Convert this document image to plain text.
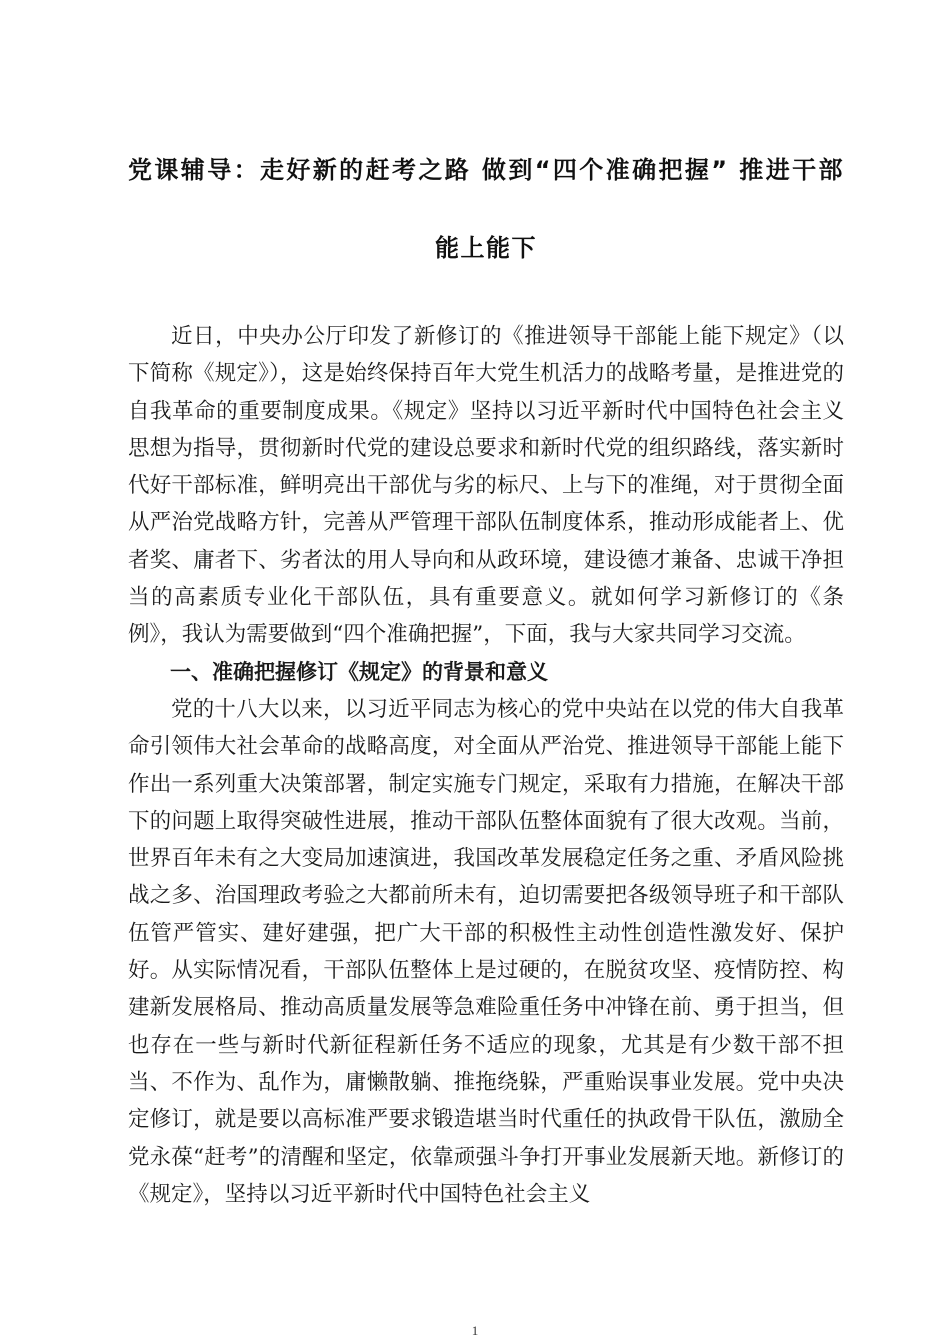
党课辅导：走好新的赶考之路 做到“四个准确把握” 推进干部
能上能下

近日，中央办公厅印发了新修订的《推进领导干部能上能下规定》（以下简称《规定》），这是始终保持百年大党生机活力的战略考量，是推进党的自我革命的重要制度成果。《规定》坚持以习近平新时代中国特色社会主义思想为指导，贯彻新时代党的建设总要求和新时代党的组织路线，落实新时代好干部标准，鲜明亮出干部优与劣的标尺、上与下的准绳，对于贯彻全面从严治党战略方针，完善从严管理干部队伍制度体系，推动形成能者上、优者奖、庸者下、劣者汰的用人导向和从政环境，建设德才兼备、忠诚干净担当的高素质专业化干部队伍，具有重要意义。就如何学习新修订的《条例》，我认为需要做到“四个准确把握”，下面，我与大家共同学习交流。

一、准确把握修订《规定》的背景和意义

党的十八大以来，以习近平同志为核心的党中央站在以党的伟大自我革命引领伟大社会革命的战略高度，对全面从严治党、推进领导干部能上能下作出一系列重大决策部署，制定实施专门规定，采取有力措施，在解决干部下的问题上取得突破性进展，推动干部队伍整体面貌有了很大改观。当前，世界百年未有之大变局加速演进，我国改革发展稳定任务之重、矛盾风险挑战之多、治国理政考验之大都前所未有，迫切需要把各级领导班子和干部队伍管严管实、建好建强，把广大干部的积极性主动性创造性激发好、保护好。从实际情况看，干部队伍整体上是过硬的，在脱贫攻坚、疫情防控、构建新发展格局、推动高质量发展等急难险重任务中冲锋在前、勇于担当，但也存在一些与新时代新征程新任务不适应的现象，尤其是有少数干部不担当、不作为、乱作为，庸懒散躺、推拖绕躲，严重贻误事业发展。党中央决定修订，就是要以高标准严要求锻造堪当时代重任的执政骨干队伍，激励全党永葆“赶考”的清醒和坚定，依靠顽强斗争打开事业发展新天地。新修订的《规定》，坚持以习近平新时代中国特色社会主义

1
